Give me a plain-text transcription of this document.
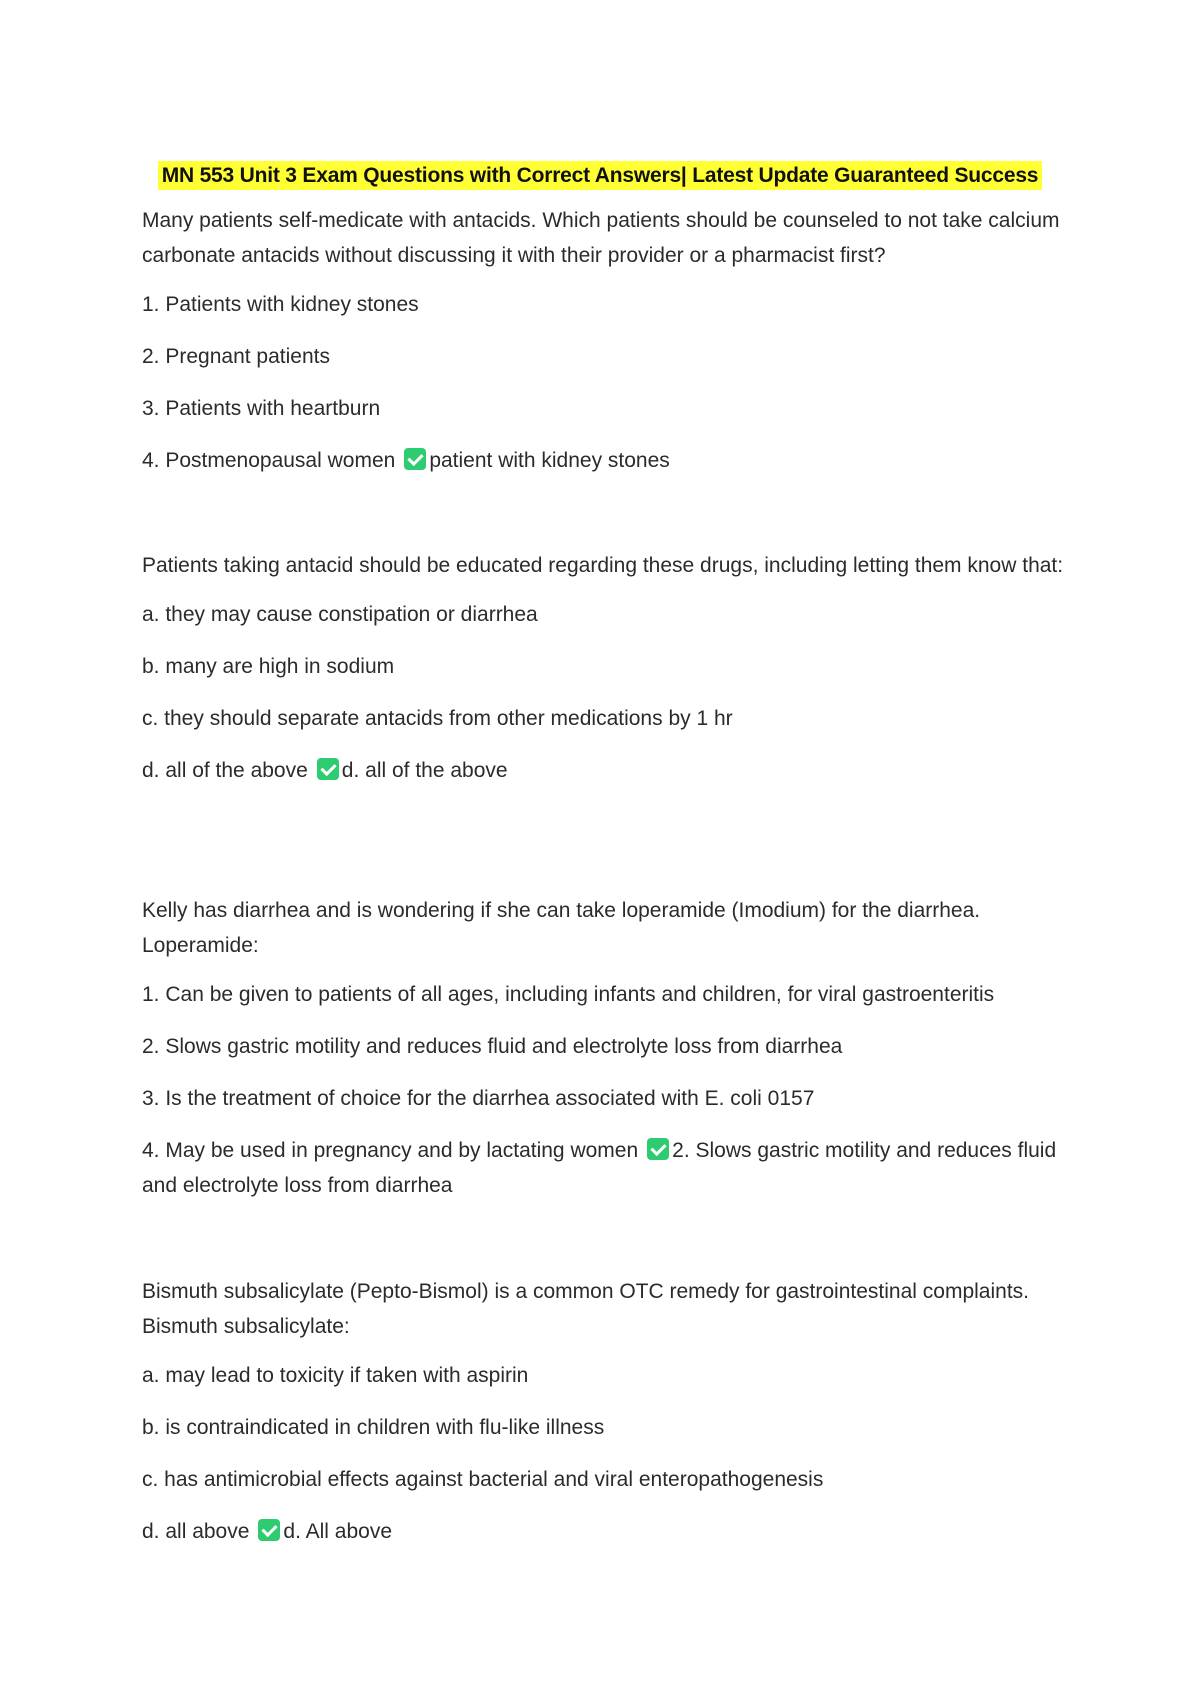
MN 553 Unit 3 Exam Questions with Correct Answers| Latest Update Guaranteed Success

Many patients self-medicate with antacids. Which patients should be counseled to not take calcium carbonate antacids without discussing it with their provider or a pharmacist first?

1. Patients with kidney stones

2. Pregnant patients

3. Patients with heartburn

4. Postmenopausal women patient with kidney stones

Patients taking antacid should be educated regarding these drugs, including letting them know that:

a. they may cause constipation or diarrhea

b. many are high in sodium

c. they should separate antacids from other medications by 1 hr

d. all of the above d. all of the above

Kelly has diarrhea and is wondering if she can take loperamide (Imodium) for the diarrhea. Loperamide:

1. Can be given to patients of all ages, including infants and children, for viral gastroenteritis

2. Slows gastric motility and reduces fluid and electrolyte loss from diarrhea

3. Is the treatment of choice for the diarrhea associated with E. coli 0157

4. May be used in pregnancy and by lactating women 2. Slows gastric motility and reduces fluid and electrolyte loss from diarrhea

Bismuth subsalicylate (Pepto-Bismol) is a common OTC remedy for gastrointestinal complaints. Bismuth subsalicylate:

a. may lead to toxicity if taken with aspirin

b. is contraindicated in children with flu-like illness

c. has antimicrobial effects against bacterial and viral enteropathogenesis

d. all above d. All above
